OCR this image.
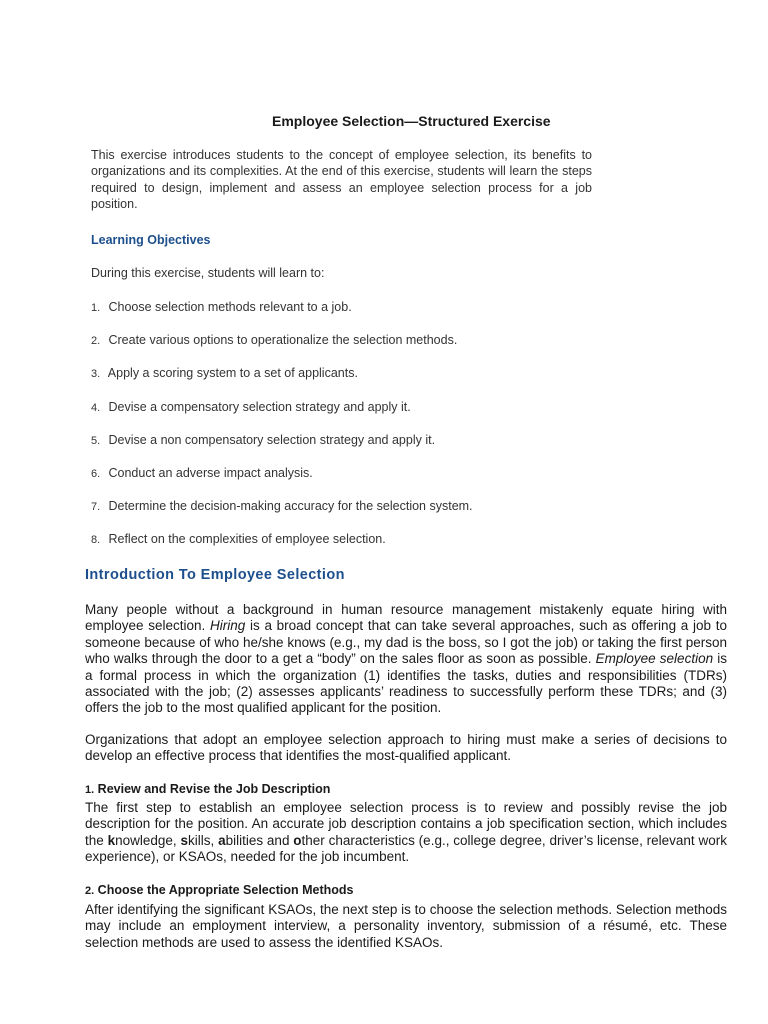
Employee Selection—Structured Exercise

This exercise introduces students to the concept of employee selection, its benefits to organizations and its complexities. At the end of this exercise, students will learn the steps required to design, implement and assess an employee selection process for a job position.

Learning Objectives

During this exercise, students will learn to:

1. Choose selection methods relevant to a job.
2. Create various options to operationalize the selection methods.
3. Apply a scoring system to a set of applicants.
4. Devise a compensatory selection strategy and apply it.
5. Devise a non compensatory selection strategy and apply it.
6. Conduct an adverse impact analysis.
7. Determine the decision-making accuracy for the selection system.
8. Reflect on the complexities of employee selection.
Introduction To Employee Selection

Many people without a background in human resource management mistakenly equate hiring with employee selection. Hiring is a broad concept that can take several approaches, such as offering a job to someone because of who he/she knows (e.g., my dad is the boss, so I got the job) or taking the first person who walks through the door to a get a “body” on the sales floor as soon as possible. Employee selection is a formal process in which the organization (1) identifies the tasks, duties and responsibilities (TDRs) associated with the job; (2) assesses applicants’ readiness to successfully perform these TDRs; and (3) offers the job to the most qualified applicant for the position.

Organizations that adopt an employee selection approach to hiring must make a series of decisions to develop an effective process that identifies the most-qualified applicant.

1. Review and Revise the Job Description

The first step to establish an employee selection process is to review and possibly revise the job description for the position. An accurate job description contains a job specification section, which includes the knowledge, skills, abilities and other characteristics (e.g., college degree, driver’s license, relevant work experience), or KSAOs, needed for the job incumbent.

2. Choose the Appropriate Selection Methods

After identifying the significant KSAOs, the next step is to choose the selection methods. Selection methods may include an employment interview, a personality inventory, submission of a résumé, etc. These selection methods are used to assess the identified KSAOs.
